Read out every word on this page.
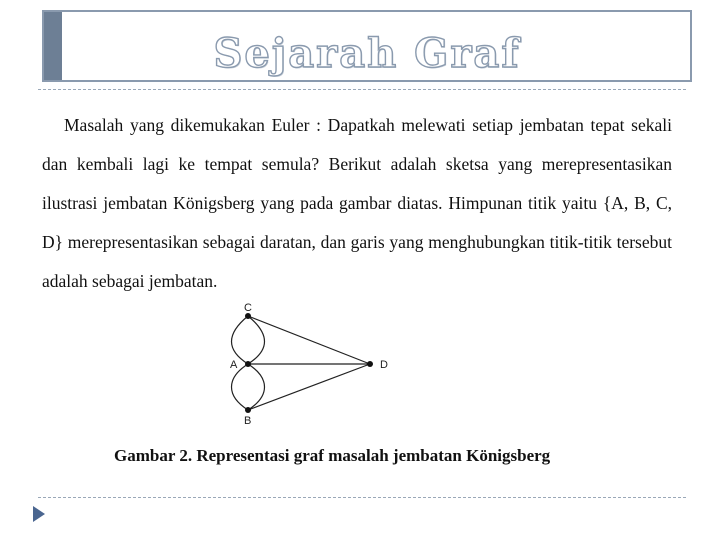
Sejarah Graf
Masalah yang dikemukakan Euler : Dapatkah melewati setiap jembatan tepat sekali dan kembali lagi ke tempat semula? Berikut adalah sketsa yang merepresentasikan ilustrasi jembatan Königsberg yang pada gambar diatas. Himpunan titik yaitu {A, B, C, D} merepresentasikan sebagai daratan, dan garis yang menghubungkan titik-titik tersebut adalah sebagai jembatan.
C
A	D
B
Gambar 2. Representasi graf masalah jembatan Königsberg
